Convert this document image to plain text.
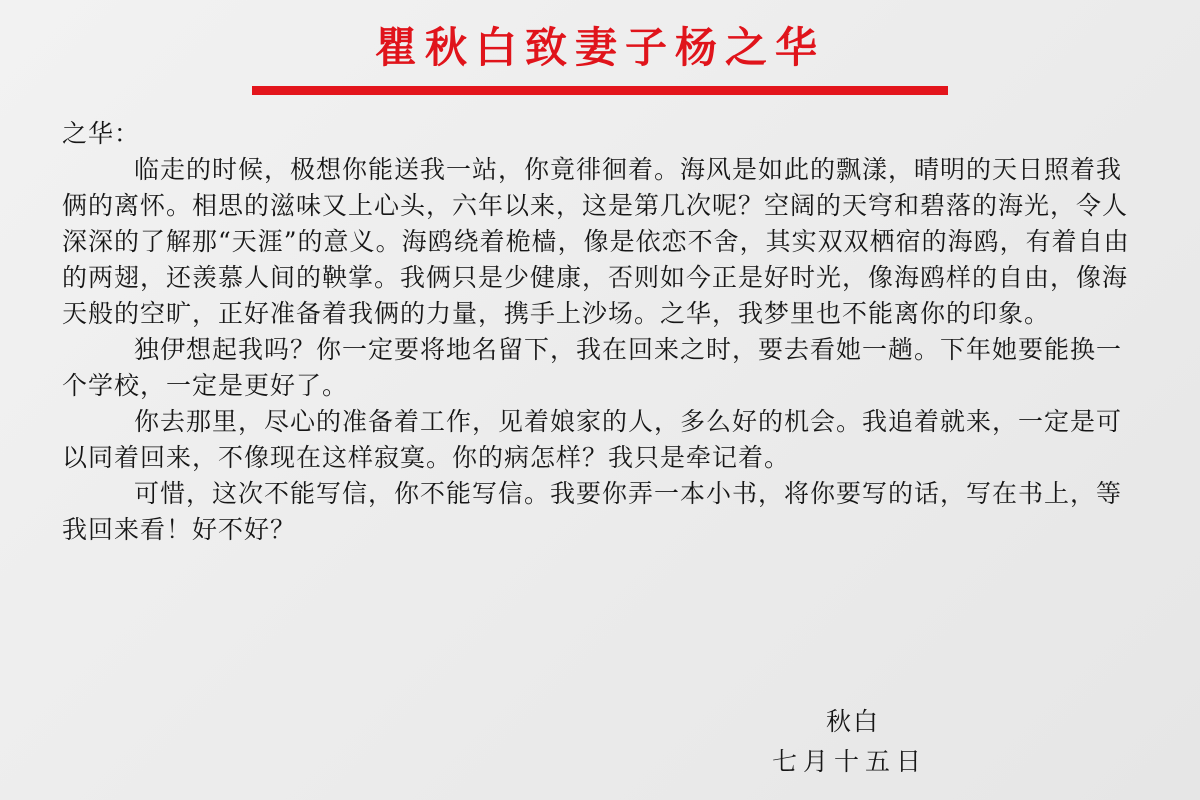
瞿秋白致妻子杨之华

之华：

临走的时候，极想你能送我一站，你竟徘徊着。海风是如此的飘漾，晴明的天日照着我俩的离怀。相思的滋味又上心头，六年以来，这是第几次呢？空阔的天穹和碧落的海光，令人深深的了解那“天涯”的意义。海鸥绕着桅樯，像是依恋不舍，其实双双栖宿的海鸥，有着自由的两翅，还羡慕人间的鞅掌。我俩只是少健康，否则如今正是好时光，像海鸥样的自由，像海天般的空旷，正好准备着我俩的力量，携手上沙场。之华，我梦里也不能离你的印象。

独伊想起我吗？你一定要将地名留下，我在回来之时，要去看她一趟。下年她要能换一个学校，一定是更好了。

你去那里，尽心的准备着工作，见着娘家的人，多么好的机会。我追着就来，一定是可以同着回来，不像现在这样寂寞。你的病怎样？我只是牵记着。

可惜，这次不能写信，你不能写信。我要你弄一本小书，将你要写的话，写在书上，等我回来看！好不好？

秋白
七月十五日
